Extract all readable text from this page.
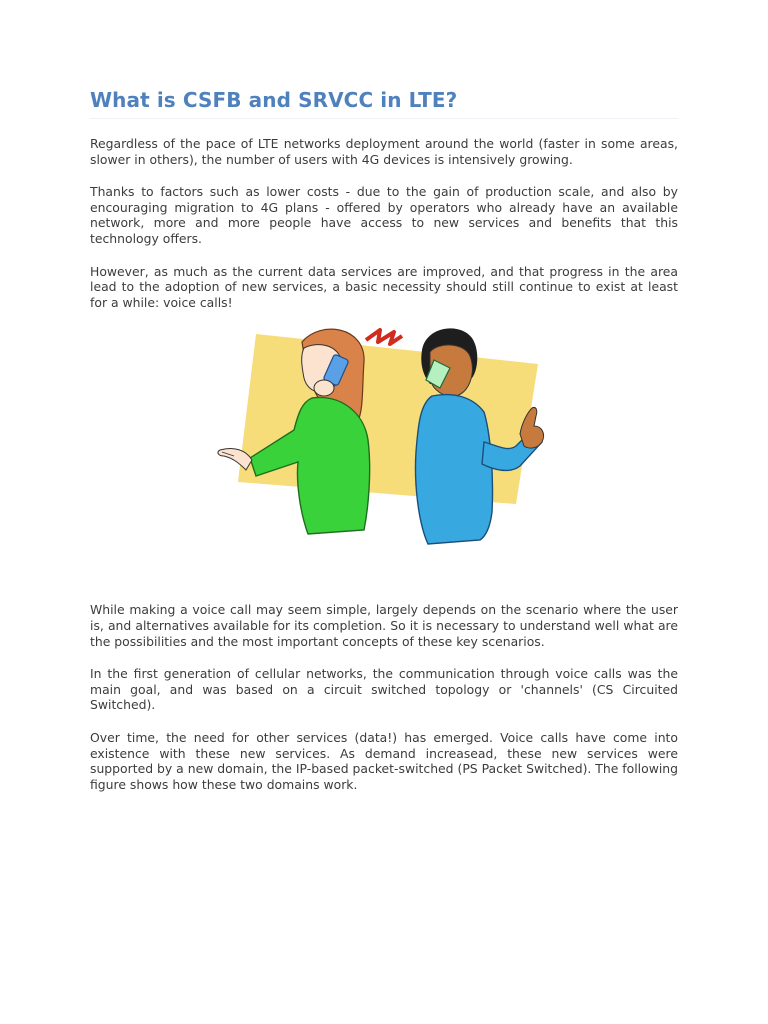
What is CSFB and SRVCC in LTE?

Regardless of the pace of LTE networks deployment around the world (faster in some areas, slower in others), the number of users with 4G devices is intensively growing.

Thanks to factors such as lower costs - due to the gain of production scale, and also by encouraging migration to 4G plans - offered by operators who already have an available network, more and more people have access to new services and benefits that this technology offers.

However, as much as the current data services are improved, and that progress in the area lead to the adoption of new services, a basic necessity should still continue to exist at least for a while: voice calls!

While making a voice call may seem simple, largely depends on the scenario where the user is, and alternatives available for its completion. So it is necessary to understand well what are the possibilities and the most important concepts of these key scenarios.

In the first generation of cellular networks, the communication through voice calls was the main goal, and was based on a circuit switched topology or 'channels' (CS Circuited Switched).

Over time, the need for other services (data!) has emerged. Voice calls have come into existence with these new services. As demand increasead, these new services were supported by a new domain, the IP-based packet-switched (PS Packet Switched). The following figure shows how these two domains work.
